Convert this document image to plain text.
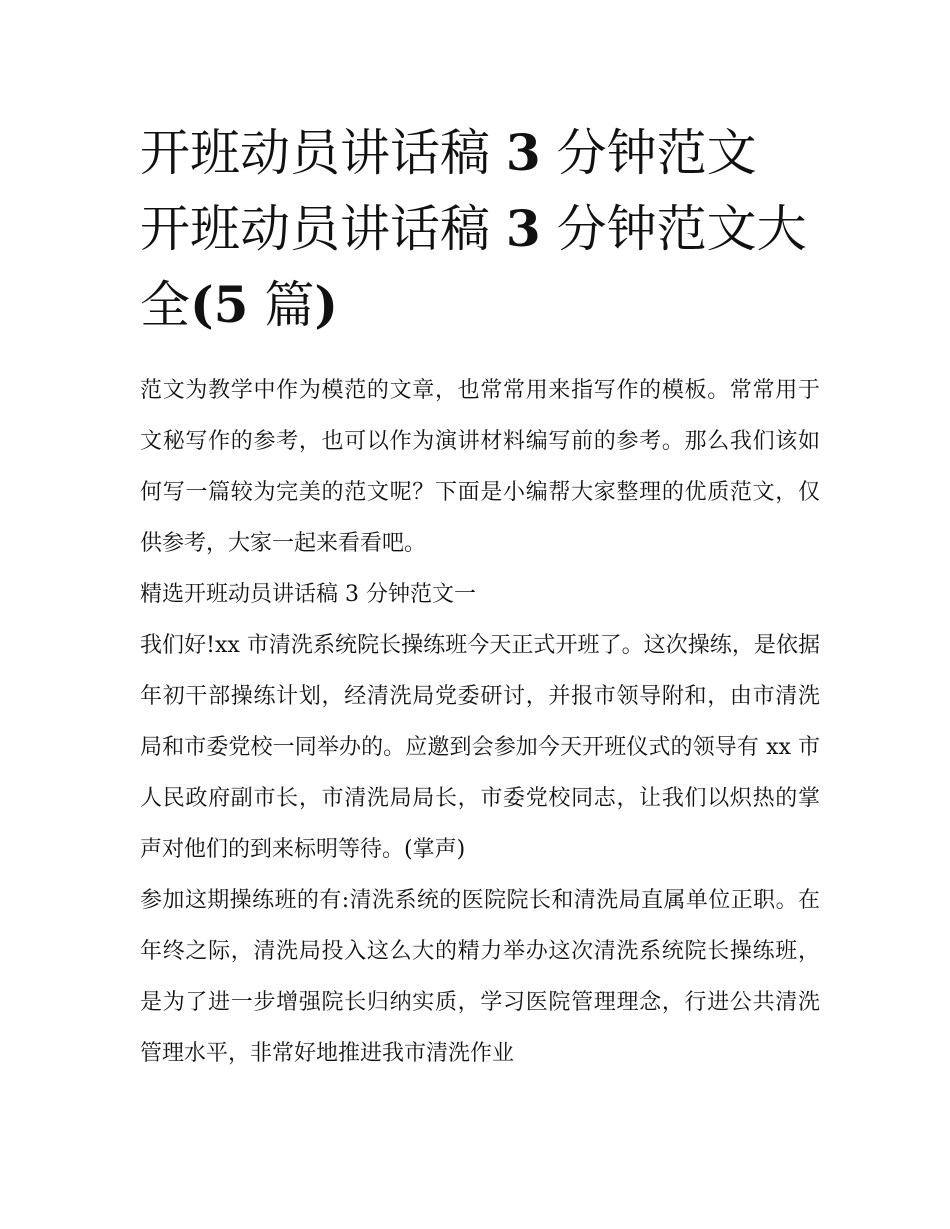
开班动员讲话稿 3 分钟范文 开班动员讲话稿 3 分钟范文大全(5 篇)

范文为教学中作为模范的文章，也常常用来指写作的模板。常常用于文秘写作的参考，也可以作为演讲材料编写前的参考。那么我们该如何写一篇较为完美的范文呢？下面是小编帮大家整理的优质范文，仅供参考，大家一起来看看吧。

精选开班动员讲话稿 3 分钟范文一

我们好!xx 市清洗系统院长操练班今天正式开班了。这次操练，是依据年初干部操练计划，经清洗局党委研讨，并报市领导附和，由市清洗局和市委党校一同举办的。应邀到会参加今天开班仪式的领导有 xx 市人民政府副市长，市清洗局局长，市委党校同志，让我们以炽热的掌声对他们的到来标明等待。(掌声)

参加这期操练班的有:清洗系统的医院院长和清洗局直属单位正职。在年终之际，清洗局投入这么大的精力举办这次清洗系统院长操练班，是为了进一步增强院长归纳实质，学习医院管理理念，行进公共清洗管理水平，非常好地推进我市清洗作业
